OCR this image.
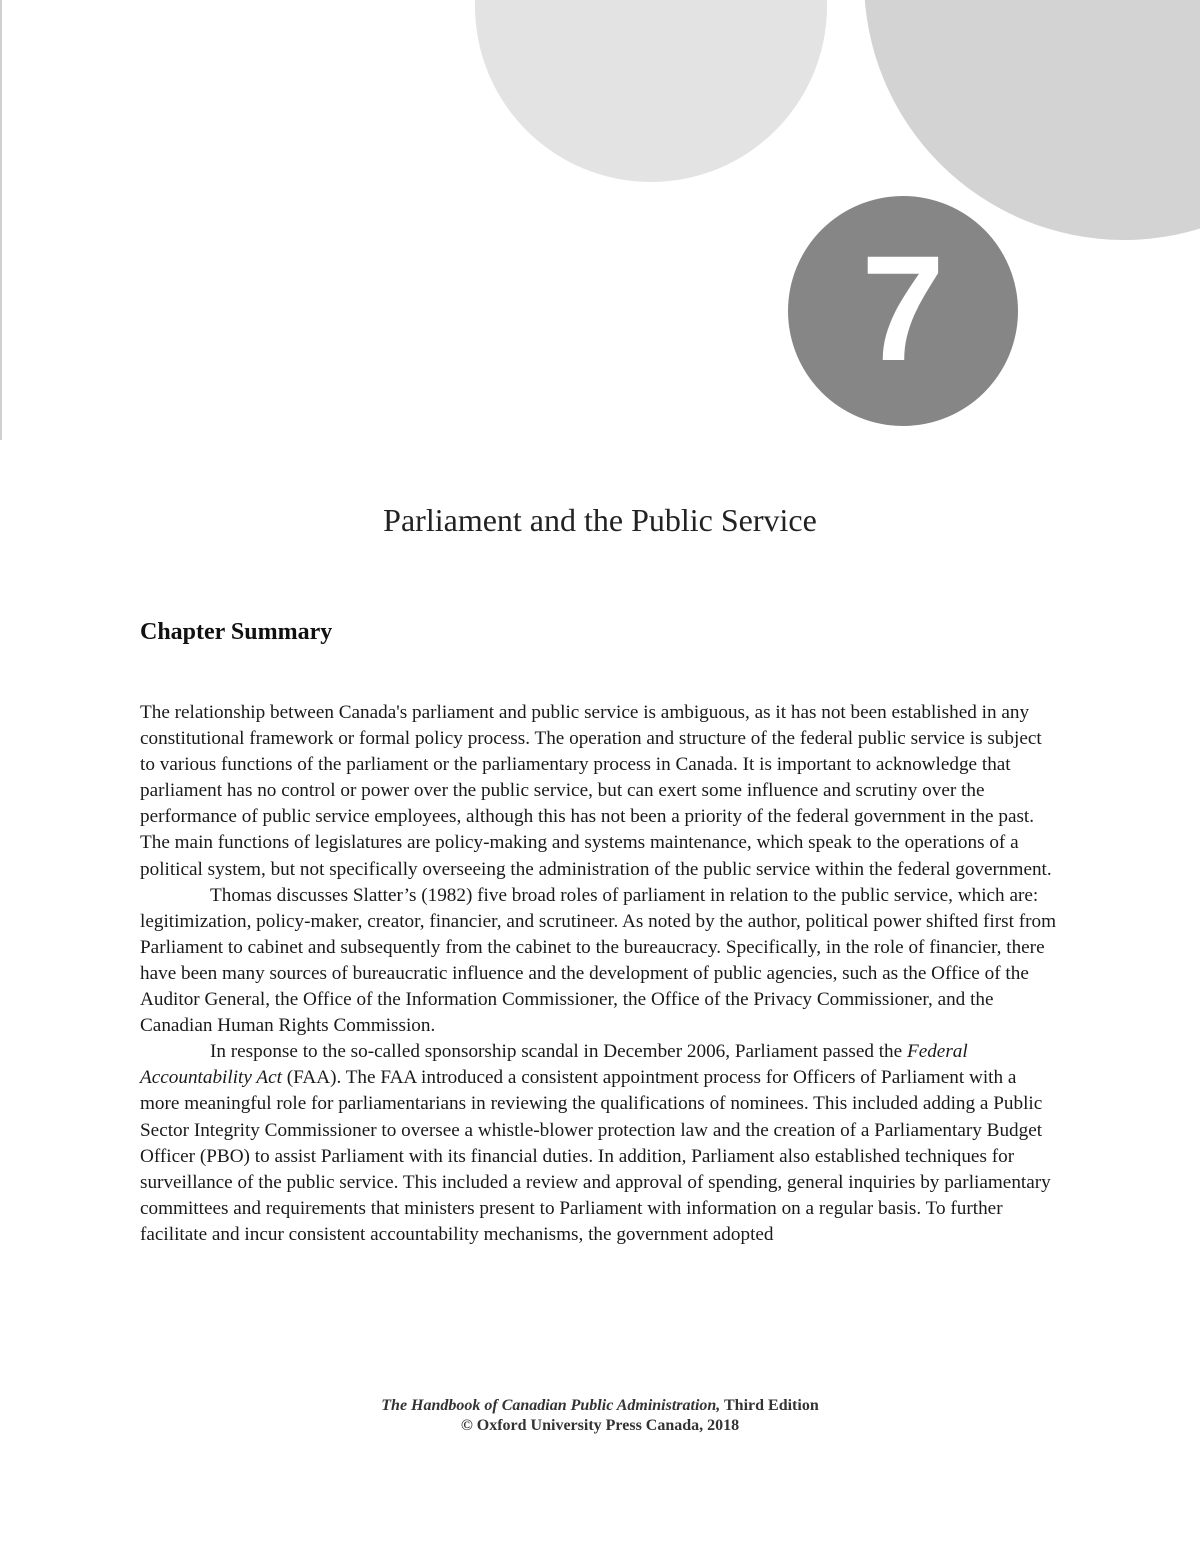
7
Parliament and the Public Service
Chapter Summary

The relationship between Canada's parliament and public service is ambiguous, as it has not been established in any constitutional framework or formal policy process. The operation and structure of the federal public service is subject to various functions of the parliament or the parliamentary process in Canada. It is important to acknowledge that parliament has no control or power over the public service, but can exert some influence and scrutiny over the performance of public service employees, although this has not been a priority of the federal government in the past. The main functions of legislatures are policy-making and systems maintenance, which speak to the operations of a political system, but not specifically overseeing the administration of the public service within the federal government.

Thomas discusses Slatter’s (1982) five broad roles of parliament in relation to the public service, which are: legitimization, policy-maker, creator, financier, and scrutineer. As noted by the author, political power shifted first from Parliament to cabinet and subsequently from the cabinet to the bureaucracy. Specifically, in the role of financier, there have been many sources of bureaucratic influence and the development of public agencies, such as the Office of the Auditor General, the Office of the Information Commissioner, the Office of the Privacy Commissioner, and the Canadian Human Rights Commission.

In response to the so-called sponsorship scandal in December 2006, Parliament passed the Federal Accountability Act (FAA). The FAA introduced a consistent appointment process for Officers of Parliament with a more meaningful role for parliamentarians in reviewing the qualifications of nominees. This included adding a Public Sector Integrity Commissioner to oversee a whistle-blower protection law and the creation of a Parliamentary Budget Officer (PBO) to assist Parliament with its financial duties. In addition, Parliament also established techniques for surveillance of the public service. This included a review and approval of spending, general inquiries by parliamentary committees and requirements that ministers present to Parliament with information on a regular basis. To further facilitate and incur consistent accountability mechanisms, the government adopted

The Handbook of Canadian Public Administration, Third Edition
© Oxford University Press Canada, 2018
